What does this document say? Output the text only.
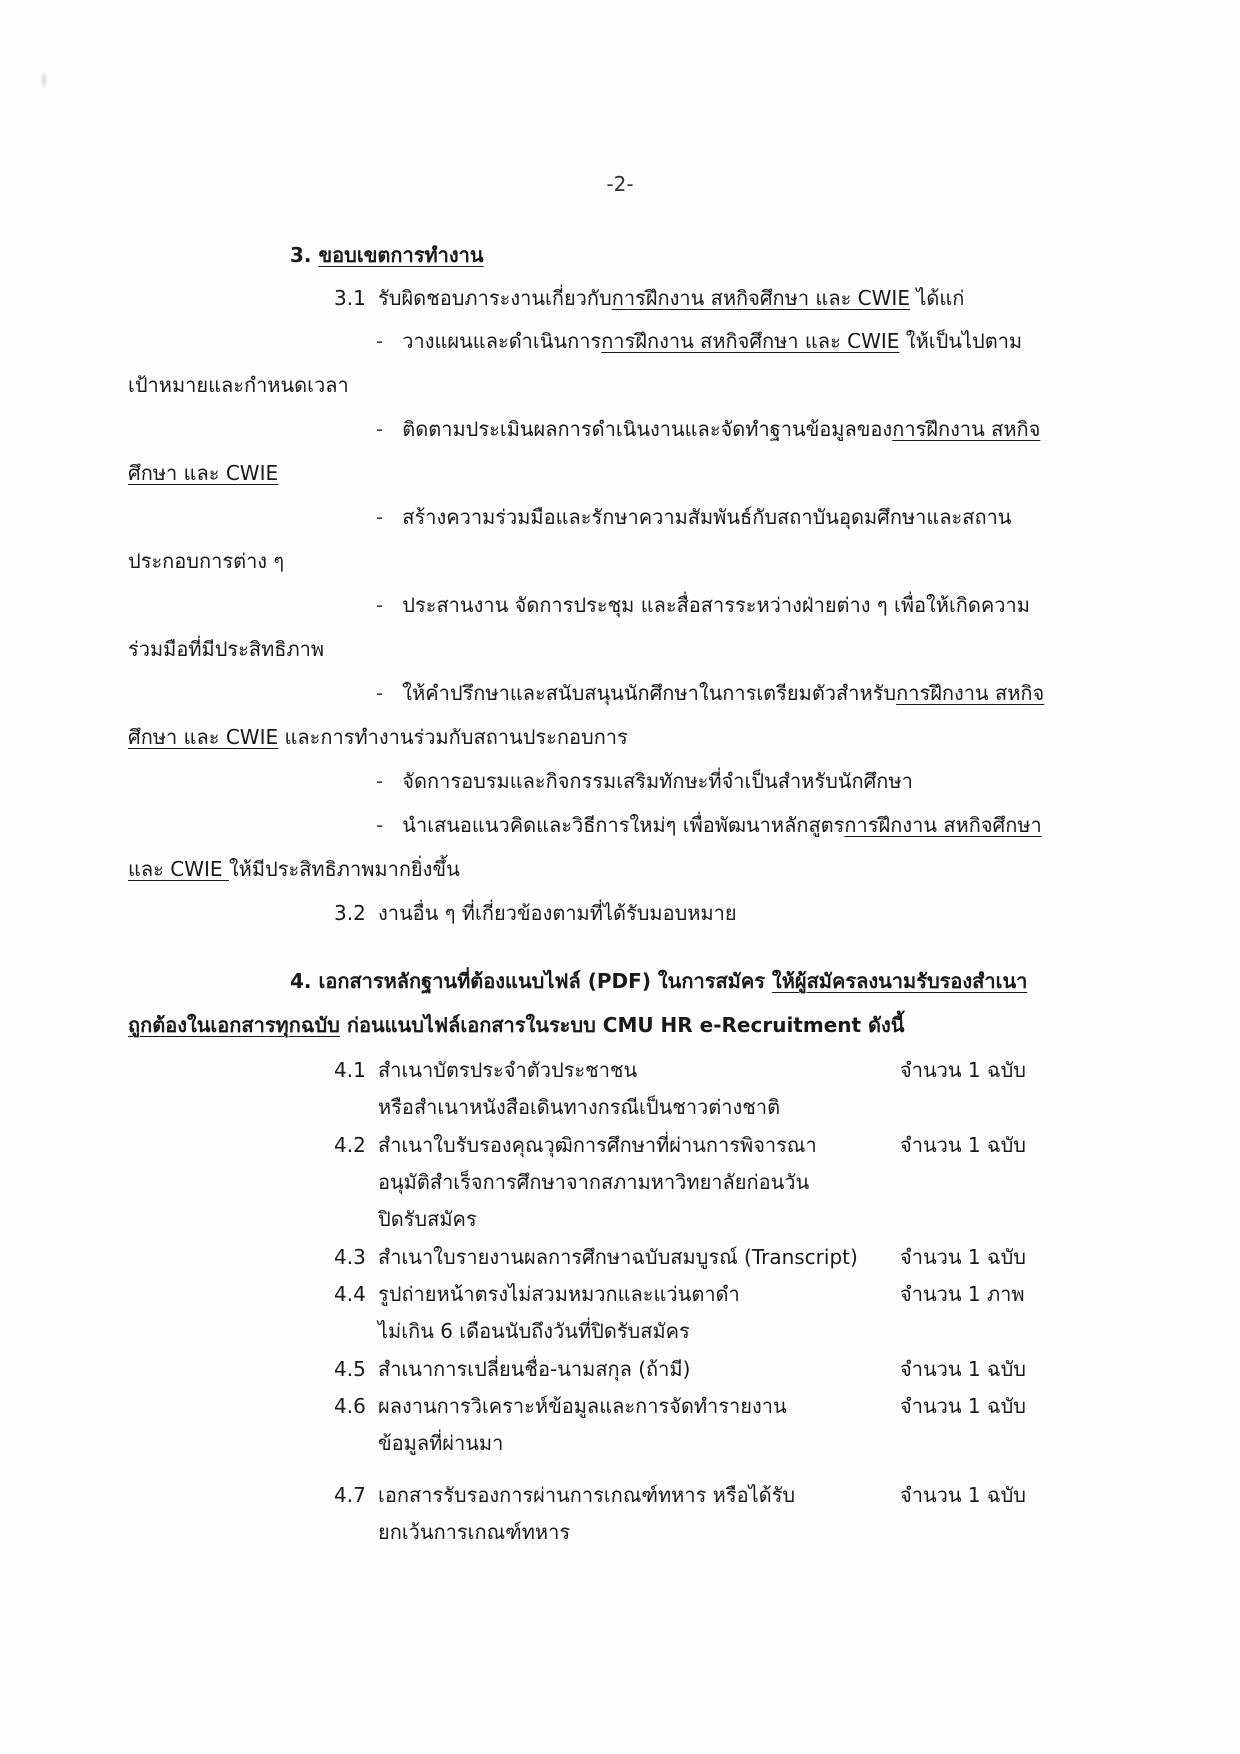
-2-
3. ขอบเขตการทำงาน
3.1 รับผิดชอบภาระงานเกี่ยวกับการฝึกงาน สหกิจศึกษา และ CWIE ได้แก่
-   วางแผนและดำเนินการการฝึกงาน สหกิจศึกษา และ CWIE ให้เป็นไปตาม
เป้าหมายและกำหนดเวลา
-   ติดตามประเมินผลการดำเนินงานและจัดทำฐานข้อมูลของการฝึกงาน สหกิจ
ศึกษา และ CWIE
-   สร้างความร่วมมือและรักษาความสัมพันธ์กับสถาบันอุดมศึกษาและสถาน
ประกอบการต่าง ๆ
-   ประสานงาน จัดการประชุม และสื่อสารระหว่างฝ่ายต่าง ๆ เพื่อให้เกิดความ
ร่วมมือที่มีประสิทธิภาพ
-   ให้คำปรึกษาและสนับสนุนนักศึกษาในการเตรียมตัวสำหรับการฝึกงาน สหกิจ
ศึกษา และ CWIE และการทำงานร่วมกับสถานประกอบการ
-   จัดการอบรมและกิจกรรมเสริมทักษะที่จำเป็นสำหรับนักศึกษา
-   นำเสนอแนวคิดและวิธีการใหม่ๆ เพื่อพัฒนาหลักสูตรการฝึกงาน สหกิจศึกษา
และ CWIE ให้มีประสิทธิภาพมากยิ่งขึ้น
3.2 งานอื่น ๆ ที่เกี่ยวข้องตามที่ได้รับมอบหมาย
4. เอกสารหลักฐานที่ต้องแนบไฟล์ (PDF) ในการสมัคร ให้ผู้สมัครลงนามรับรองสำเนา
ถูกต้องในเอกสารทุกฉบับ ก่อนแนบไฟล์เอกสารในระบบ CMU HR e-Recruitment ดังนี้
4.1 สำเนาบัตรประจำตัวประชาชน
หรือสำเนาหนังสือเดินทางกรณีเป็นชาวต่างชาติ
จำนวน 1 ฉบับ
4.2 สำเนาใบรับรองคุณวุฒิการศึกษาที่ผ่านการพิจารณา
อนุมัติสำเร็จการศึกษาจากสภามหาวิทยาลัยก่อนวัน
ปิดรับสมัคร
จำนวน 1 ฉบับ
4.3 สำเนาใบรายงานผลการศึกษาฉบับสมบูรณ์ (Transcript) จำนวน 1 ฉบับ
4.4 รูปถ่ายหน้าตรงไม่สวมหมวกและแว่นตาดำ
ไม่เกิน 6 เดือนนับถึงวันที่ปิดรับสมัคร
จำนวน 1 ภาพ
4.5 สำเนาการเปลี่ยนชื่อ-นามสกุล (ถ้ามี)	จำนวน 1 ฉบับ
4.6 ผลงานการวิเคราะห์ข้อมูลและการจัดทำรายงาน
ข้อมูลที่ผ่านมา
จำนวน 1 ฉบับ
4.7 เอกสารรับรองการผ่านการเกณฑ์ทหาร หรือได้รับ
ยกเว้นการเกณฑ์ทหาร
จำนวน 1 ฉบับ
